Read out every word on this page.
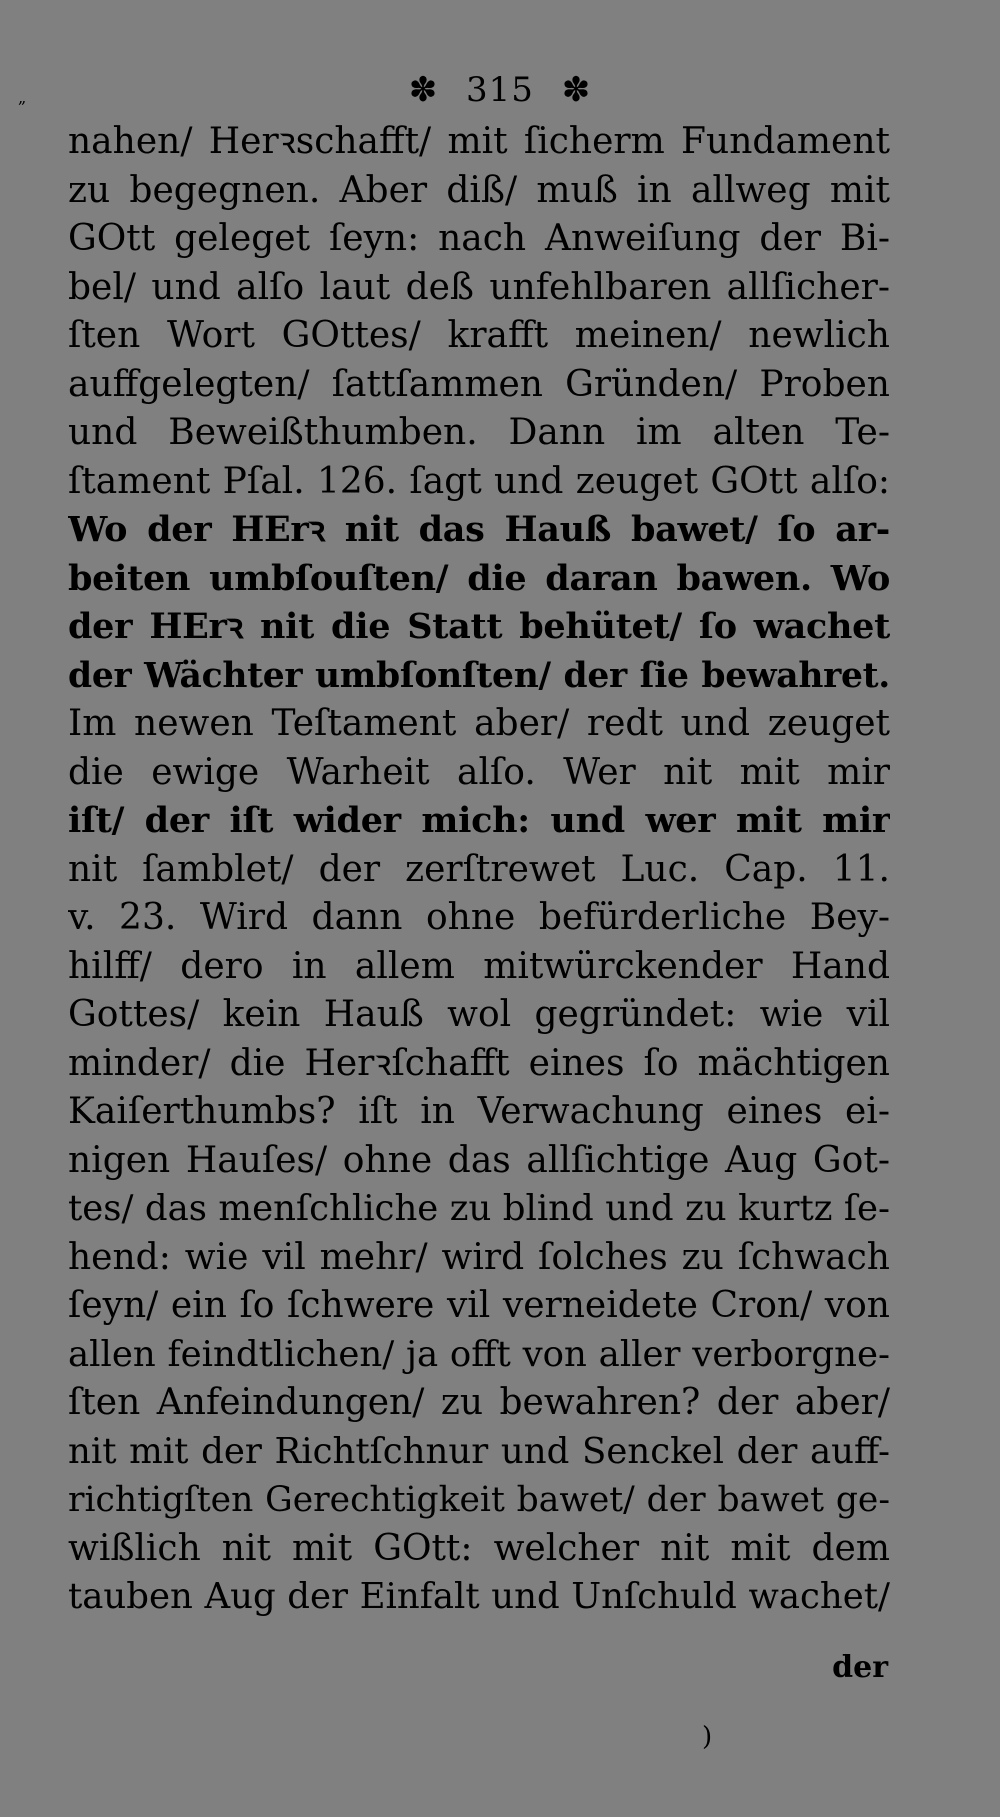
„	✽ 315 ✽
nahen/ Herꝛschafft/ mit ſicherm Fundament
zu begegnen. Aber diß/ muß in allweg mit
GOtt geleget ſeyn: nach Anweiſung der Bi-
bel/ und alſo laut deß unfehlbaren allſicher-
ſten Wort GOttes/ krafft meinen/ newlich
auffgelegten/ ſattſammen Gründen/ Proben
und Beweißthumben. Dann im alten Te-
ſtament Pſal. 126. ſagt und zeuget GOtt alſo:
Wo der HErꝛ nit das Hauß bawet/ ſo ar-
beiten umbſouſten/ die daran bawen. Wo
der HErꝛ nit die Statt behütet/ ſo wachet
der Wächter umbſonſten/ der ſie bewahret.
Im newen Teſtament aber/ redt und zeuget
die ewige Warheit alſo. Wer nit mit mir
iſt/ der iſt wider mich: und wer mit mir
nit ſamblet/ der zerſtrewet Luc. Cap. 11.
v. 23. Wird dann ohne befürderliche Bey-
hilff/ dero in allem mitwürckender Hand
Gottes/ kein Hauß wol gegründet: wie vil
minder/ die Herꝛſchafft eines ſo mächtigen
Kaiſerthumbs? iſt in Verwachung eines ei-
nigen Hauſes/ ohne das allſichtige Aug Got-
tes/ das menſchliche zu blind und zu kurtz ſe-
hend: wie vil mehr/ wird ſolches zu ſchwach
ſeyn/ ein ſo ſchwere vil verneidete Cron/ von
allen feindtlichen/ ja offt von aller verborgne-
ſten Anfeindungen/ zu bewahren? der aber/
nit mit der Richtſchnur und Senckel der auff-
richtigſten Gerechtigkeit bawet/ der bawet ge-
wißlich nit mit GOtt: welcher nit mit dem
tauben Aug der Einfalt und Unſchuld wachet/
der
)
